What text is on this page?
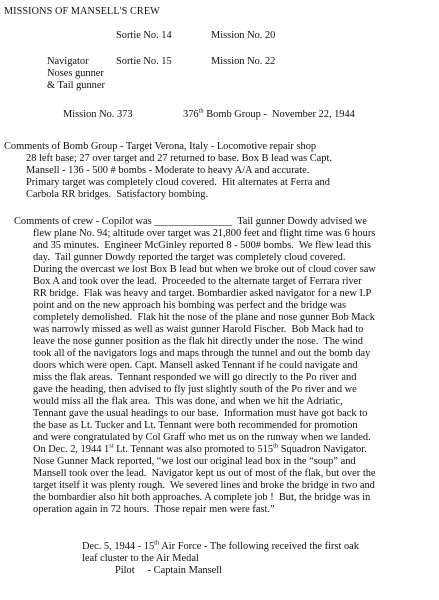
MISSIONS OF MANSELL'S CREW
Sortie No. 14	Mission No. 20
Navigator	Sortie No. 15	Mission No. 22
Noses gunner
& Tail gunner
Mission No. 373	376th Bomb Group -  November 22, 1944
Comments of Bomb Group - Target Verona, Italy - Locomotive repair shop
28 left base; 27 over target and 27 returned to base. Box B lead was Capt.
Mansell - 136 - 500 # bombs - Moderate to heavy A/A and accurate.
Primary target was completely cloud covered.  Hit alternates at Ferra and
Carbola RR bridges.  Satisfactory bombing.
Comments of crew - Copilot was _______________  Tail gunner Dowdy advised we
flew plane No. 94; altitude over target was 21,800 feet and flight time was 6 hours
and 35 minutes.  Engineer McGinley reported 8 - 500# bombs.  We flew lead this
day.  Tail gunner Dowdy reported the target was completely cloud covered.
During the overcast we lost Box B lead but when we broke out of cloud cover saw
Box A and took over the lead.  Proceeded to the alternate target of Ferrara river
RR bridge.  Flak was heavy and target. Bombardier asked navigator for a new I.P
point and on the new approach his bombing was perfect and the bridge was
completely demolished.  Flak hit the nose of the plane and nose gunner Bob Mack
was narrowly missed as well as waist gunner Harold Fischer.  Bob Mack had to
leave the nose gunner position as the flak hit directly under the nose.  The wind
took all of the navigators logs and maps through the tunnel and out the bomb day
doors which were open. Capt. Mansell asked Tennant if he could navigate and
miss the flak areas.  Tennant responded we will go directly to the Po river and
gave the heading, then advised to fly just slightly south of the Po river and we
would miss all the flak area.  This was done, and when we hit the Adriatic,
Tennant gave the usual headings to our base.  Information must have got back to
the base as Lt. Tucker and Lt. Tennant were both recommended for promotion
and were congratulated by Col Graff who met us on the runway when we landed.
On Dec. 2, 1944 1st Lt. Tennant was also promoted to 515th Squadron Navigator.
Nose Gunner Mack reported, “we lost our original lead box in the “soup” and
Mansell took over the lead.  Navigator kept us out of most of the flak, but over the
target itself it was plenty rough.  We severed lines and broke the bridge in two and
the bombardier also hit both approaches. A complete job !  But, the bridge was in
operation again in 72 hours.  Those repair men were fast.”
Dec. 5, 1944 - 15th Air Force - The following received the first oak
leaf cluster to the Air Medal
Pilot     - Captain Mansell
